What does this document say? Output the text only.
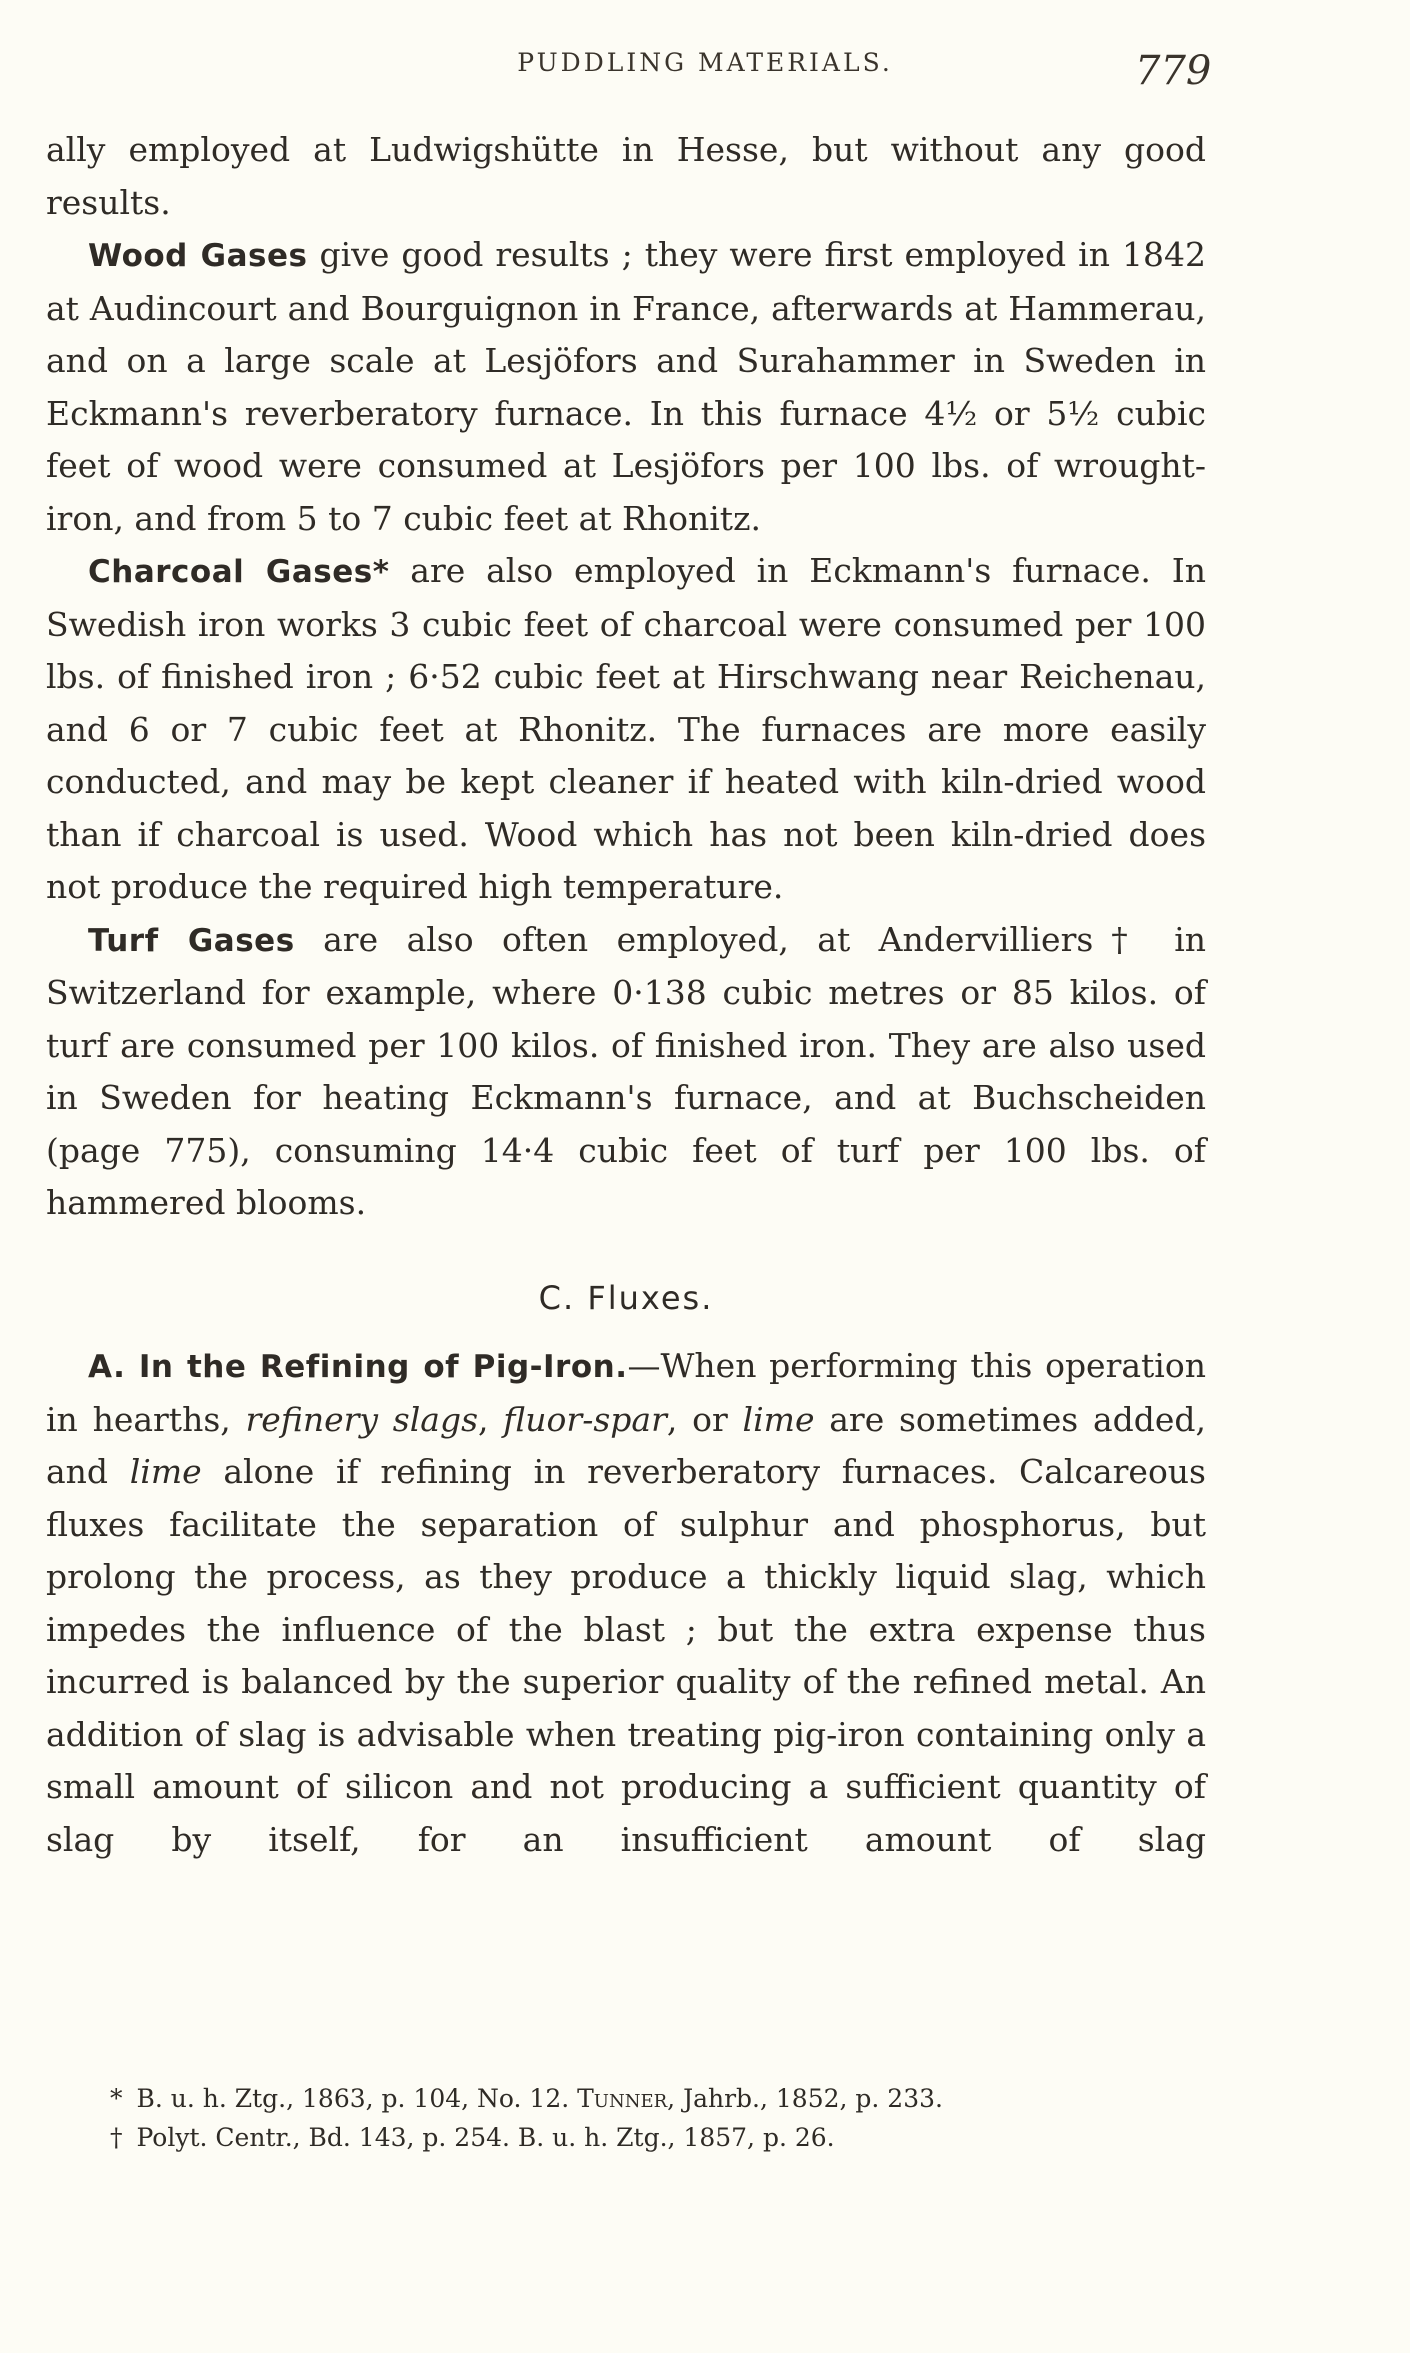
PUDDLING MATERIALS.	779

ally employed at Ludwigshütte in Hesse, but without any good results.

Wood Gases give good results ; they were first employed in 1842 at Audincourt and Bourguignon in France, afterwards at Hammerau, and on a large scale at Lesjöfors and Surahammer in Sweden in Eckmann's reverberatory furnace. In this furnace 4½ or 5½ cubic feet of wood were consumed at Lesjöfors per 100 lbs. of wrought-iron, and from 5 to 7 cubic feet at Rhonitz.

Charcoal Gases* are also employed in Eckmann's furnace. In Swedish iron works 3 cubic feet of charcoal were consumed per 100 lbs. of finished iron ; 6·52 cubic feet at Hirschwang near Reichenau, and 6 or 7 cubic feet at Rhonitz. The furnaces are more easily conducted, and may be kept cleaner if heated with kiln-dried wood than if charcoal is used. Wood which has not been kiln-dried does not produce the required high temperature.

Turf Gases are also often employed, at Andervilliers† in Switzerland for example, where 0·138 cubic metres or 85 kilos. of turf are consumed per 100 kilos. of finished iron. They are also used in Sweden for heating Eckmann's furnace, and at Buchscheiden (page 775), consuming 14·4 cubic feet of turf per 100 lbs. of hammered blooms.

C. Fluxes.

A. In the Refining of Pig-Iron.—When performing this operation in hearths, refinery slags, fluor-spar, or lime are sometimes added, and lime alone if refining in reverberatory furnaces. Calcareous fluxes facilitate the separation of sulphur and phosphorus, but prolong the process, as they produce a thickly liquid slag, which impedes the influence of the blast ; but the extra expense thus incurred is balanced by the superior quality of the refined metal. An addition of slag is advisable when treating pig-iron containing only a small amount of silicon and not producing a sufficient quantity of slag by itself, for an insufficient amount of slag

* B. u. h. Ztg., 1863, p. 104, No. 12. Tunner, Jahrb., 1852, p. 233.

† Polyt. Centr., Bd. 143, p. 254. B. u. h. Ztg., 1857, p. 26.
